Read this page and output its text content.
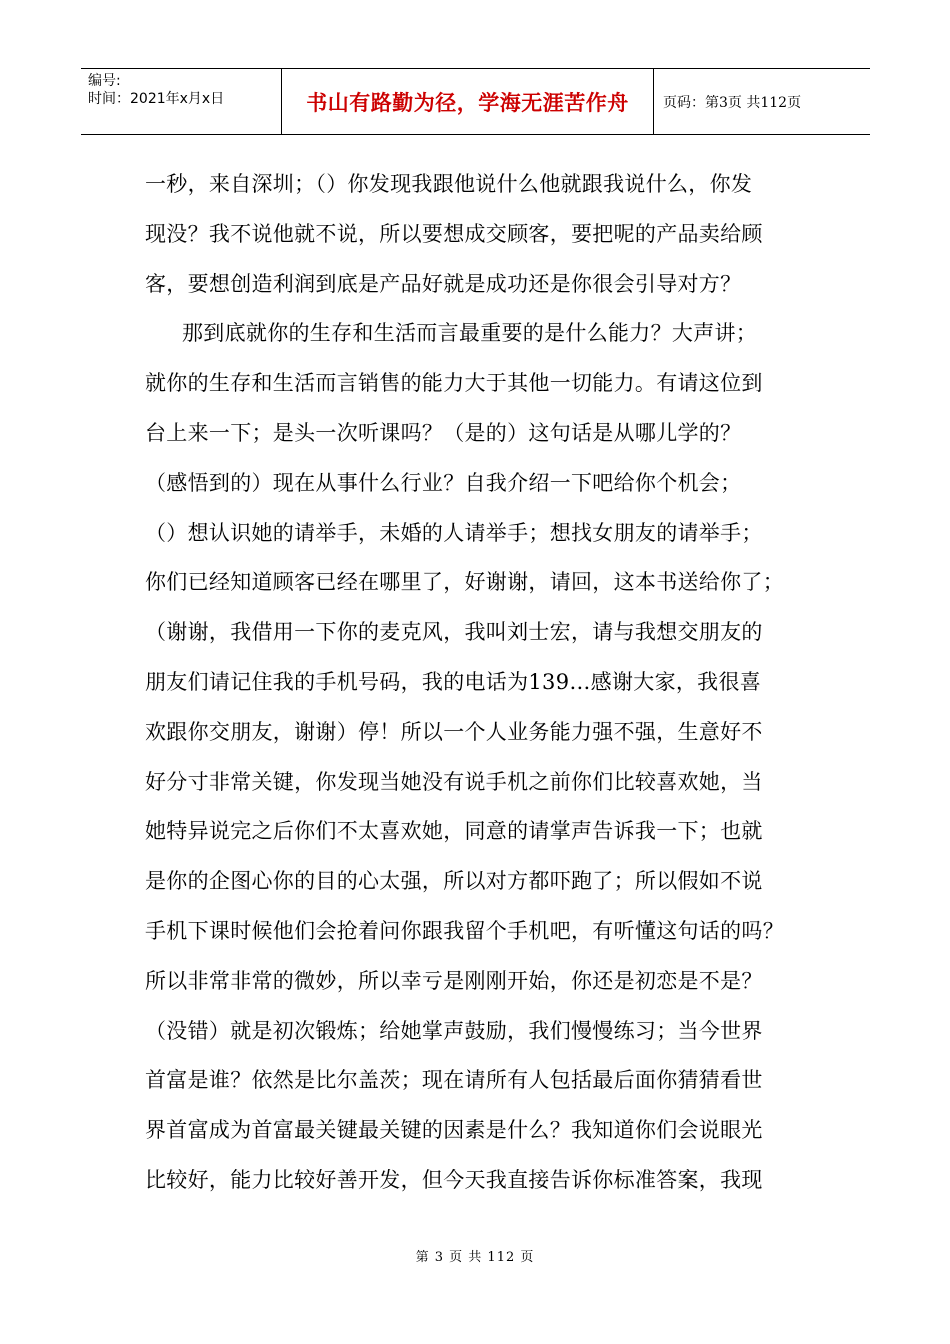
编号:
时间：2021年x月x日	书山有路勤为径，学海无涯苦作舟	页码：第3页 共112页

一秒，来自深圳；（）你发现我跟他说什么他就跟我说什么，你发

现没？我不说他就不说，所以要想成交顾客，要把呢的产品卖给顾

客，要想创造利润到底是产品好就是成功还是你很会引导对方？

那到底就你的生存和生活而言最重要的是什么能力？大声讲；

就你的生存和生活而言销售的能力大于其他一切能力。有请这位到

台上来一下；是头一次听课吗？（是的）这句话是从哪儿学的？

（感悟到的）现在从事什么行业？自我介绍一下吧给你个机会；

（）想认识她的请举手，未婚的人请举手；想找女朋友的请举手；

你们已经知道顾客已经在哪里了，好谢谢，请回，这本书送给你了；

（谢谢，我借用一下你的麦克风，我叫刘士宏，请与我想交朋友的

朋友们请记住我的手机号码，我的电话为139…感谢大家，我很喜

欢跟你交朋友，谢谢）停！所以一个人业务能力强不强，生意好不

好分寸非常关键，你发现当她没有说手机之前你们比较喜欢她，当

她特异说完之后你们不太喜欢她，同意的请掌声告诉我一下；也就

是你的企图心你的目的心太强，所以对方都吓跑了；所以假如不说

手机下课时候他们会抢着问你跟我留个手机吧，有听懂这句话的吗？

所以非常非常的微妙，所以幸亏是刚刚开始，你还是初恋是不是？

（没错）就是初次锻炼；给她掌声鼓励，我们慢慢练习；当今世界

首富是谁？依然是比尔盖茨；现在请所有人包括最后面你猜猜看世

界首富成为首富最关键最关键的因素是什么？我知道你们会说眼光

比较好，能力比较好善开发，但今天我直接告诉你标准答案，我现

第 3 页 共 112 页
